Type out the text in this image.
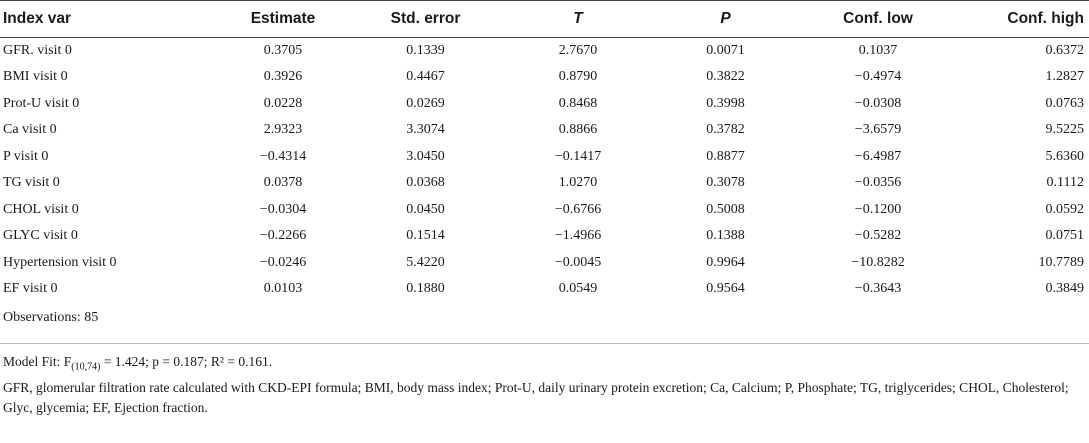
Index var	Estimate	Std. error	T	P	Conf. low	Conf. high
GFR. visit 0	0.3705	0.1339	2.7670	0.0071	0.1037	0.6372
BMI visit 0	0.3926	0.4467	0.8790	0.3822	−0.4974	1.2827
Prot-U visit 0	0.0228	0.0269	0.8468	0.3998	−0.0308	0.0763
Ca visit 0	2.9323	3.3074	0.8866	0.3782	−3.6579	9.5225
P visit 0	−0.4314	3.0450	−0.1417	0.8877	−6.4987	5.6360
TG visit 0	0.0378	0.0368	1.0270	0.3078	−0.0356	0.1112
CHOL visit 0	−0.0304	0.0450	−0.6766	0.5008	−0.1200	0.0592
GLYC visit 0	−0.2266	0.1514	−1.4966	0.1388	−0.5282	0.0751
Hypertension visit 0	−0.0246	5.4220	−0.0045	0.9964	−10.8282	10.7789
EF visit 0	0.0103	0.1880	0.0549	0.9564	−0.3643	0.3849
Observations: 85						
Model Fit: $F_{(10,74)} = 1.424$; p = 0.187; R² = 0.161.
GFR, glomerular filtration rate calculated with CKD-EPI formula; BMI, body mass index; Prot-U, daily urinary protein excretion; Ca, Calcium; P, Phosphate; TG, triglycerides; CHOL, Cholesterol; Glyc, glycemia; EF, Ejection fraction.
